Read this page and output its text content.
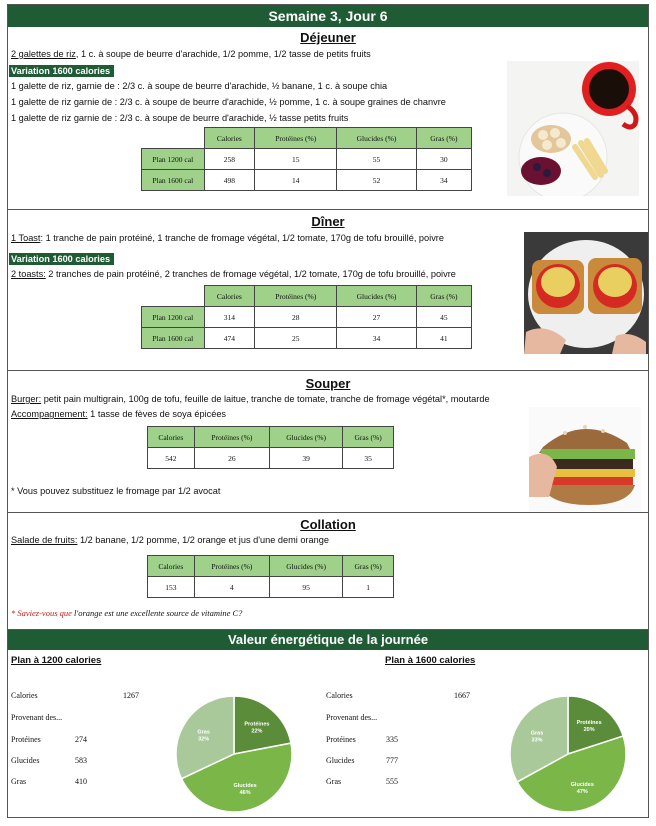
Semaine 3, Jour 6
Déjeuner
2 galettes de riz, 1 c. à soupe de beurre d'arachide, 1/2 pomme, 1/2 tasse de petits fruits
Variation 1600 calories
1 galette de riz, garnie de : 2/3 c. à soupe de beurre d'arachide, ½ banane, 1 c. à soupe chia
1 galette de riz garnie de : 2/3 c. à soupe de beurre d'arachide, ½ pomme, 1 c. à soupe graines de chanvre
1 galette de riz garnie de : 2/3 c. à soupe de beurre d'arachide, ½ tasse petits fruits
	Calories	Protéines (%)	Glucides (%)	Gras (%)
Plan 1200 cal	258	15	55	30
Plan 1600 cal	498	14	52	34
Dîner
1 Toast: 1 tranche de pain protéiné, 1 tranche de fromage végétal, 1/2 tomate, 170g de tofu brouillé, poivre
Variation 1600 calories
2 toasts: 2 tranches de pain protéiné, 2 tranches de fromage végétal, 1/2 tomate, 170g de tofu brouillé, poivre
	Calories	Protéines (%)	Glucides (%)	Gras (%)
Plan 1200 cal	314	28	27	45
Plan 1600 cal	474	25	34	41
Souper
Burger: petit pain multigrain, 100g de tofu, feuille de laitue, tranche de tomate, tranche de fromage végétal*, moutarde
Accompagnement: 1 tasse de fèves de soya épicées
Calories	Protéines (%)	Glucides (%)	Gras (%)
542	26	39	35
* Vous pouvez substituez le fromage par 1/2 avocat
Collation
Salade de fruits: 1/2 banane, 1/2 pomme, 1/2 orange et jus d'une demi orange
Calories	Protéines (%)	Glucides (%)	Gras (%)
153	4	95	1
* Saviez-vous que l'orange est une excellente source de vitamine C?
Valeur énergétique de la journée
Plan à 1200 calories
Calories	1267
Provenant des...
Protéines	274
Glucides	583
Gras	410
Protéines
22%
Glucides
46%
Gras
32%
Plan à 1600 calories
Calories	1667
Provenant des...
Protéines	335
Glucides	777
Gras	555
Protéines
20%
Glucides
47%
Gras
33%
